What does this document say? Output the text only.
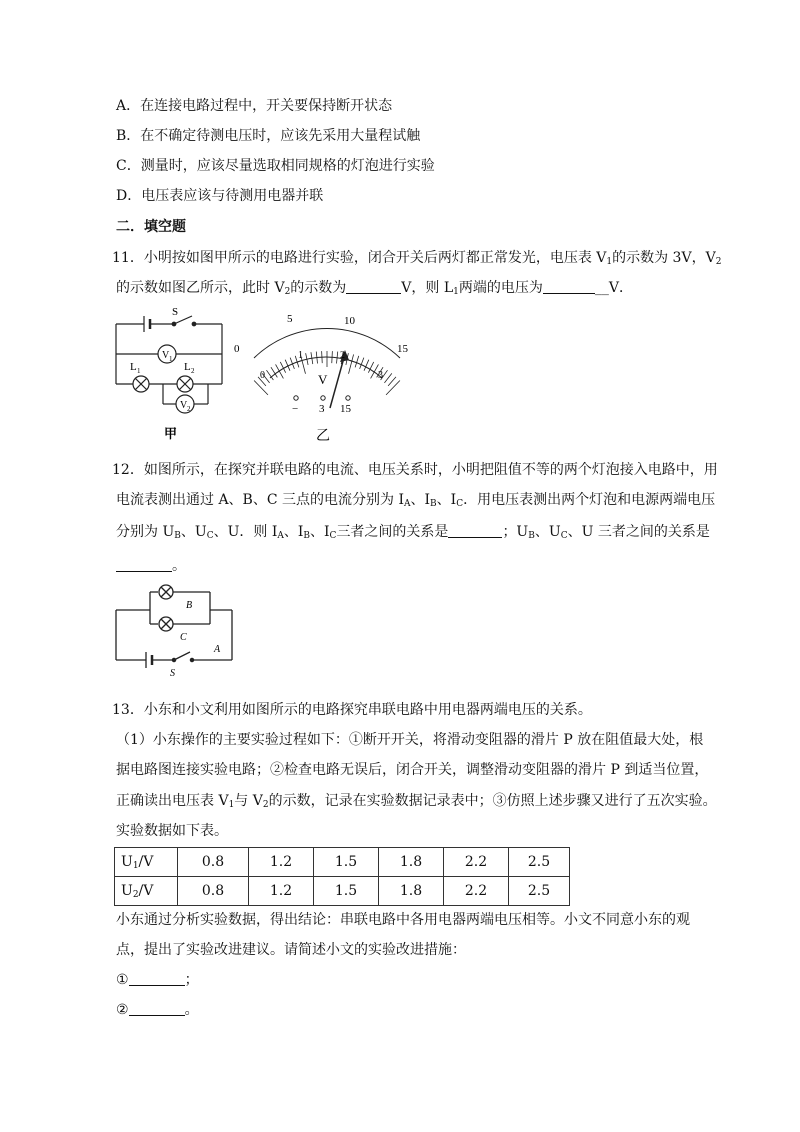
A．在连接电路过程中，开关要保持断开状态
B．在不确定待测电压时，应该先采用大量程试触
C．测量时，应该尽量选取相同规格的灯泡进行实验
D．电压表应该与待测用电器并联
二．填空题
11．小明按如图甲所示的电路进行实验，闭合开关后两灯都正常发光，电压表 $V_1$的示数为 3V，$V_2$
的示数如图乙所示，此时 $V_2$的示数为	V，则 $L_1$两端的电压为	__V．
S
V 1
V 2
L 1	L 2
甲
0
5	10
15
0
1	2
3
V
− 3 15
乙
12．如图所示，在探究并联电路的电流、电压关系时，小明把阻值不等的两个灯泡接入电路中，用
电流表测出通过 A、B、C 三点的电流分别为 $I_A$、$I_B$、$I_C$．用电压表测出两个灯泡和电源两端电压
分别为 $U_B$、$U_C$、U．则 $I_A$、$I_B$、$I_C$三者之间的关系是	；$U_B$、$U_C$、U 三者之间的关系是
。
B
C
A
S
13．小东和小文利用如图所示的电路探究串联电路中用电器两端电压的关系。
（1）小东操作的主要实验过程如下：①断开开关，将滑动变阻器的滑片 P 放在阻值最大处，根
据电路图连接实验电路；②检查电路无误后，闭合开关，调整滑动变阻器的滑片 P 到适当位置，
正确读出电压表 $V_1$与 $V_2$的示数，记录在实验数据记录表中；③仿照上述步骤又进行了五次实验。
实验数据如下表。
$U_1/V$	0.8	1.2	1.5	1.8	2.2	2.5
$U_2/V$	0.8	1.2	1.5	1.8	2.2	2.5
小东通过分析实验数据，得出结论：串联电路中各用电器两端电压相等。小文不同意小东的观
点，提出了实验改进建议。请简述小文的实验改进措施：
①	；
②	。
